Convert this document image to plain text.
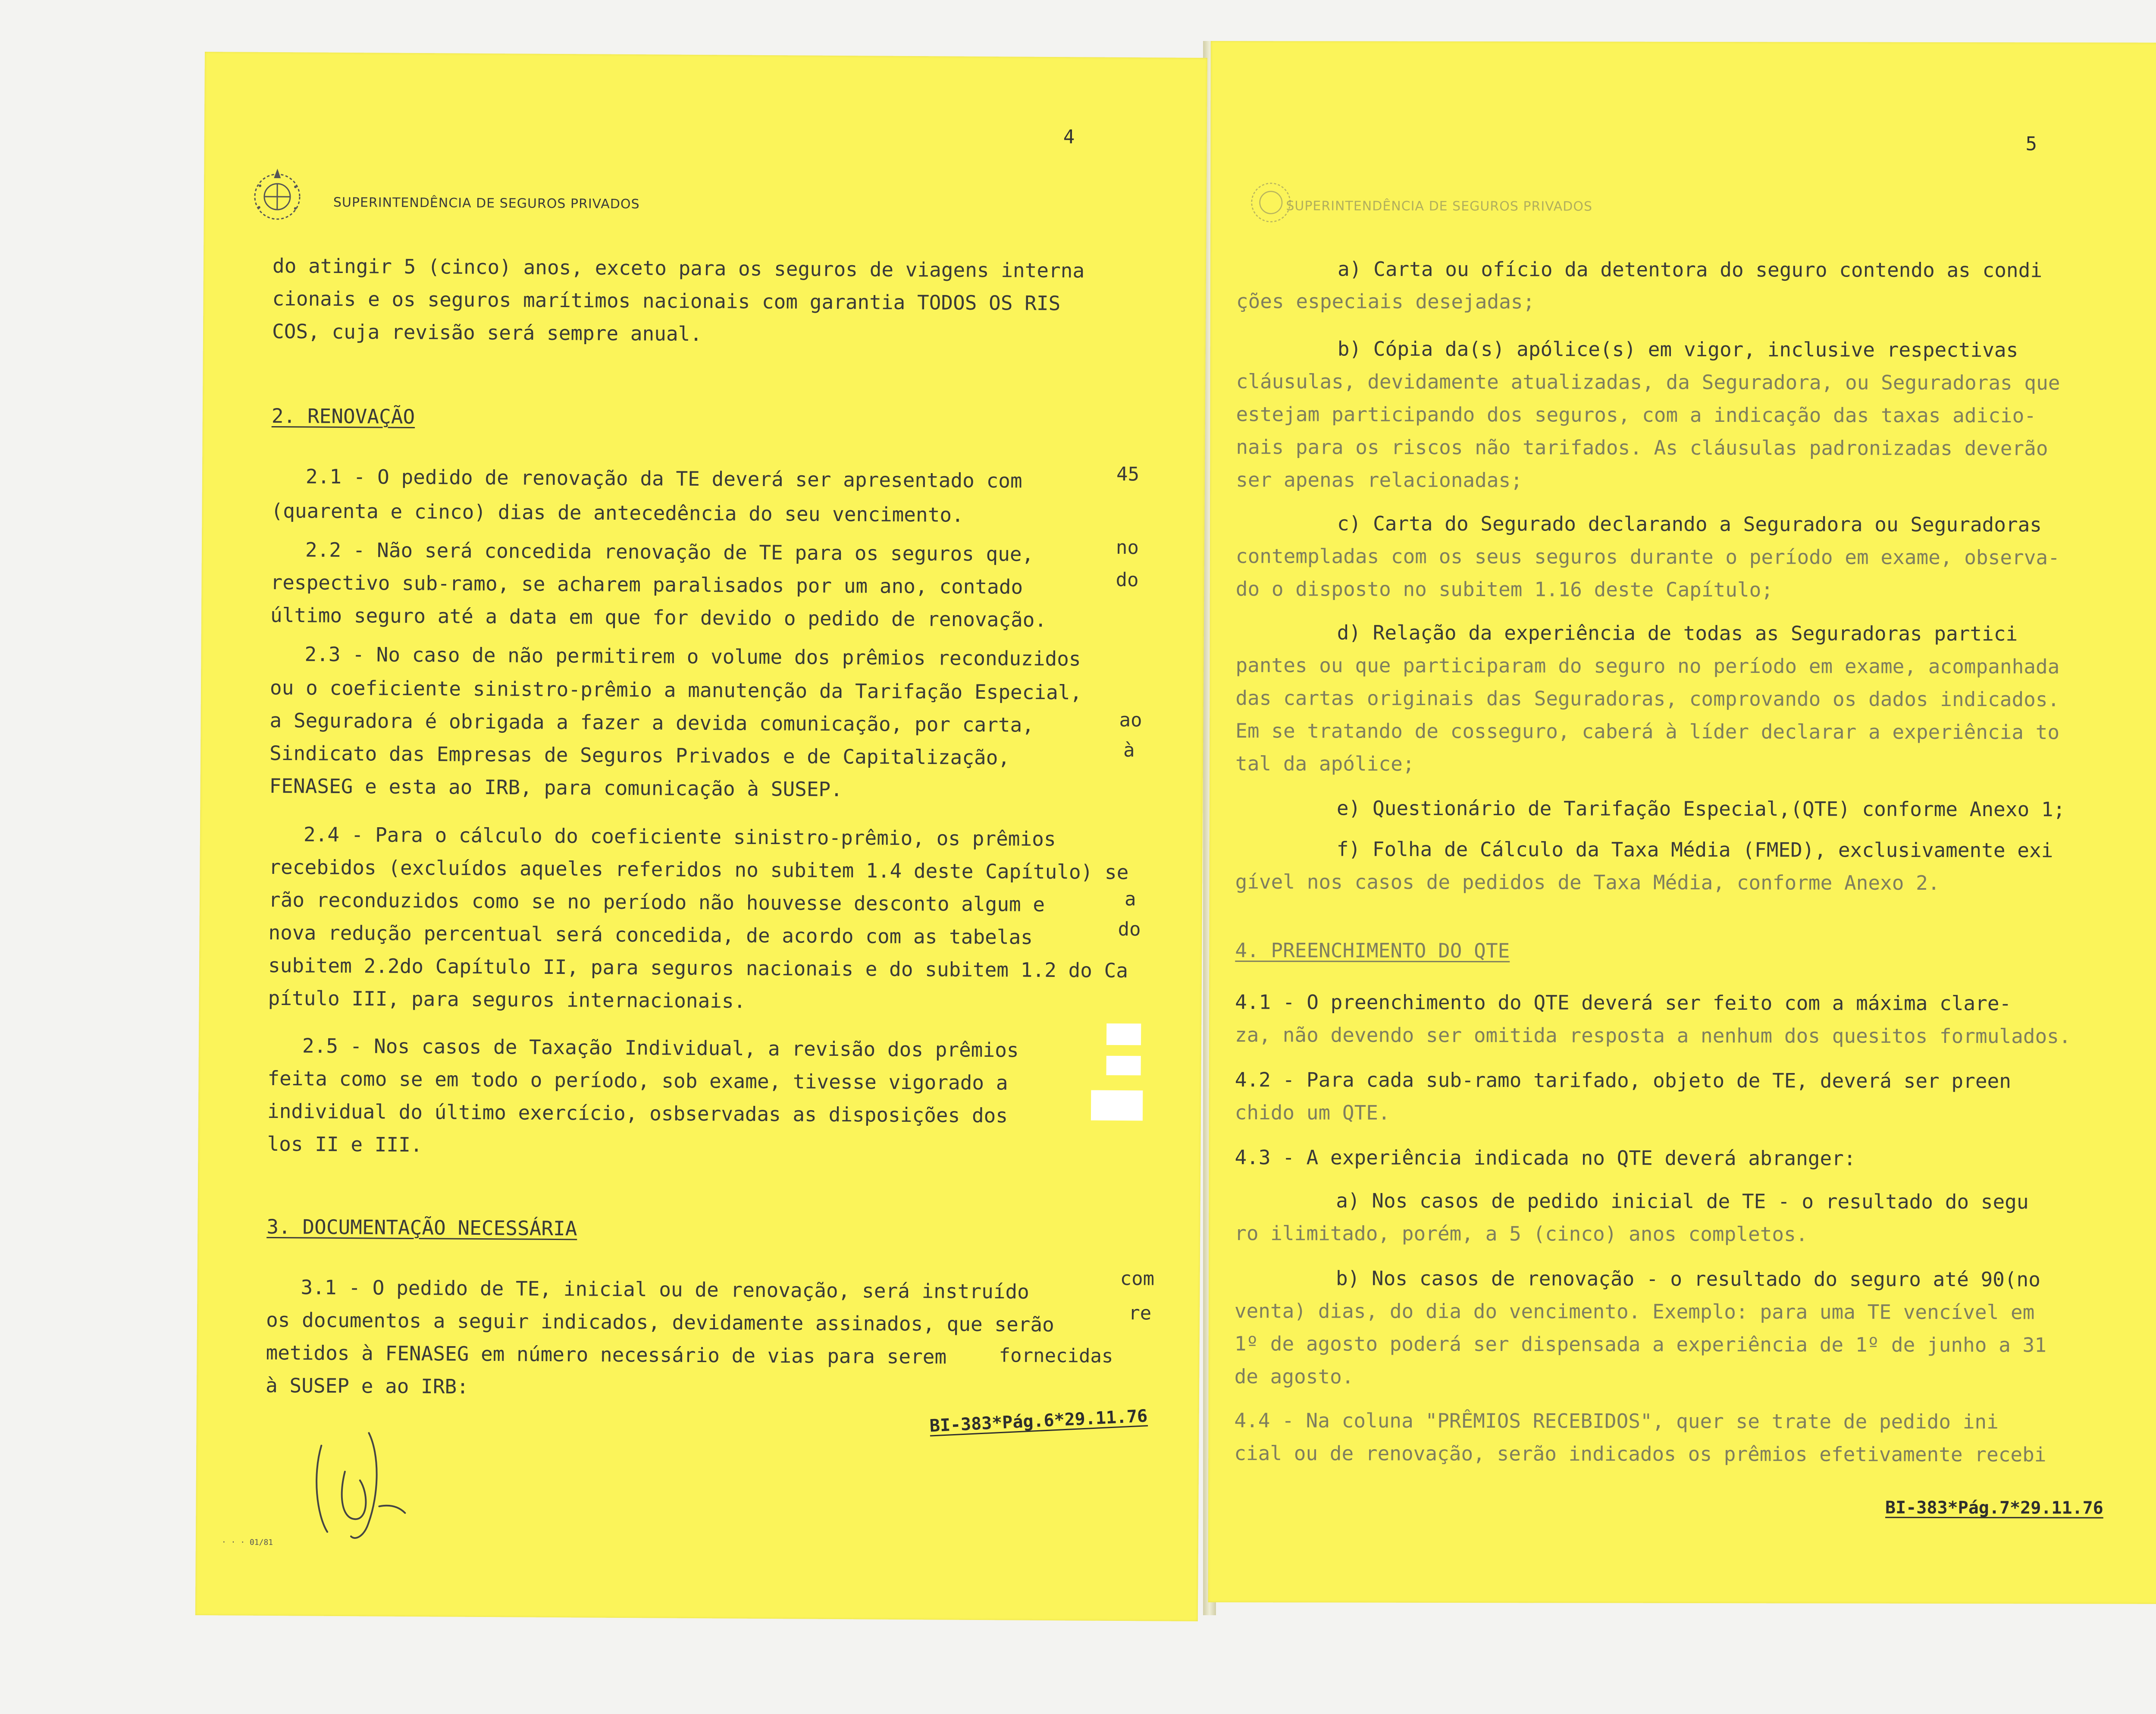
4
SUPERINTENDÊNCIA DE SEGUROS PRIVADOS
do atingir 5 (cinco) anos, exceto para os seguros de viagens interna
cionais e os seguros marítimos nacionais com garantia TODOS OS RIS
COS, cuja revisão será sempre anual.
2. RENOVAÇÃO
2.1 - O pedido de renovação da TE deverá ser apresentado com
(quarenta e cinco) dias de antecedência do seu vencimento.
2.2 - Não será concedida renovação de TE para os seguros que,
respectivo sub-ramo, se acharem paralisados por um ano, contado
último seguro até a data em que for devido o pedido de renovação.
2.3 - No caso de não permitirem o volume dos prêmios reconduzidos
ou o coeficiente sinistro-prêmio a manutenção da Tarifação Especial,
a Seguradora é obrigada a fazer a devida comunicação, por carta,
Sindicato das Empresas de Seguros Privados e de Capitalização,
FENASEG e esta ao IRB, para comunicação à SUSEP.
2.4 - Para o cálculo do coeficiente sinistro-prêmio, os prêmios
recebidos (excluídos aqueles referidos no subitem 1.4 deste Capítulo) se
rão reconduzidos como se no período não houvesse desconto algum e
nova redução percentual será concedida, de acordo com as tabelas
subitem 2.2do Capítulo II, para seguros nacionais e do subitem 1.2 do Ca
pítulo III, para seguros internacionais.
2.5 - Nos casos de Taxação Individual, a revisão dos prêmios
feita como se em todo o período, sob exame, tivesse vigorado a
individual do último exercício, osbservadas as disposições dos
los II e III.
3. DOCUMENTAÇÃO NECESSÁRIA
3.1 - O pedido de TE, inicial ou de renovação, será instruído
os documentos a seguir indicados, devidamente assinados, que serão
metidos à FENASEG em número necessário de vias para serem
à SUSEP e ao IRB:
45
no
do
ao
à
a
do
com
re
fornecidas
BI-383*Pág.6*29.11.76
· · · 01/81
5
SUPERINTENDÊNCIA DE SEGUROS PRIVADOS
a) Carta ou ofício da detentora do seguro contendo as condi
ções especiais desejadas;
b) Cópia da(s) apólice(s) em vigor, inclusive respectivas
cláusulas, devidamente atualizadas, da Seguradora, ou Seguradoras que
estejam participando dos seguros, com a indicação das taxas adicio-
nais para os riscos não tarifados. As cláusulas padronizadas deverão
ser apenas relacionadas;
c) Carta do Segurado declarando a Seguradora ou Seguradoras
contempladas com os seus seguros durante o período em exame, observa-
do o disposto no subitem 1.16 deste Capítulo;
d) Relação da experiência de todas as Seguradoras partici
pantes ou que participaram do seguro no período em exame, acompanhada
das cartas originais das Seguradoras, comprovando os dados indicados.
Em se tratando de cosseguro, caberá à líder declarar a experiência to
tal da apólice;
e) Questionário de Tarifação Especial,(QTE) conforme Anexo 1;
f) Folha de Cálculo da Taxa Média (FMED), exclusivamente exi
gível nos casos de pedidos de Taxa Média, conforme Anexo 2.
4. PREENCHIMENTO DO QTE
4.1 - O preenchimento do QTE deverá ser feito com a máxima clare-
za, não devendo ser omitida resposta a nenhum dos quesitos formulados.
4.2 - Para cada sub-ramo tarifado, objeto de TE, deverá ser preen
chido um QTE.
4.3 - A experiência indicada no QTE deverá abranger:
a) Nos casos de pedido inicial de TE - o resultado do segu
ro ilimitado, porém, a 5 (cinco) anos completos.
b) Nos casos de renovação - o resultado do seguro até 90(no
venta) dias, do dia do vencimento. Exemplo: para uma TE vencível em
1º de agosto poderá ser dispensada a experiência de 1º de junho a 31
de agosto.
4.4 - Na coluna "PRÊMIOS RECEBIDOS", quer se trate de pedido ini
cial ou de renovação, serão indicados os prêmios efetivamente recebi
BI-383*Pág.7*29.11.76
